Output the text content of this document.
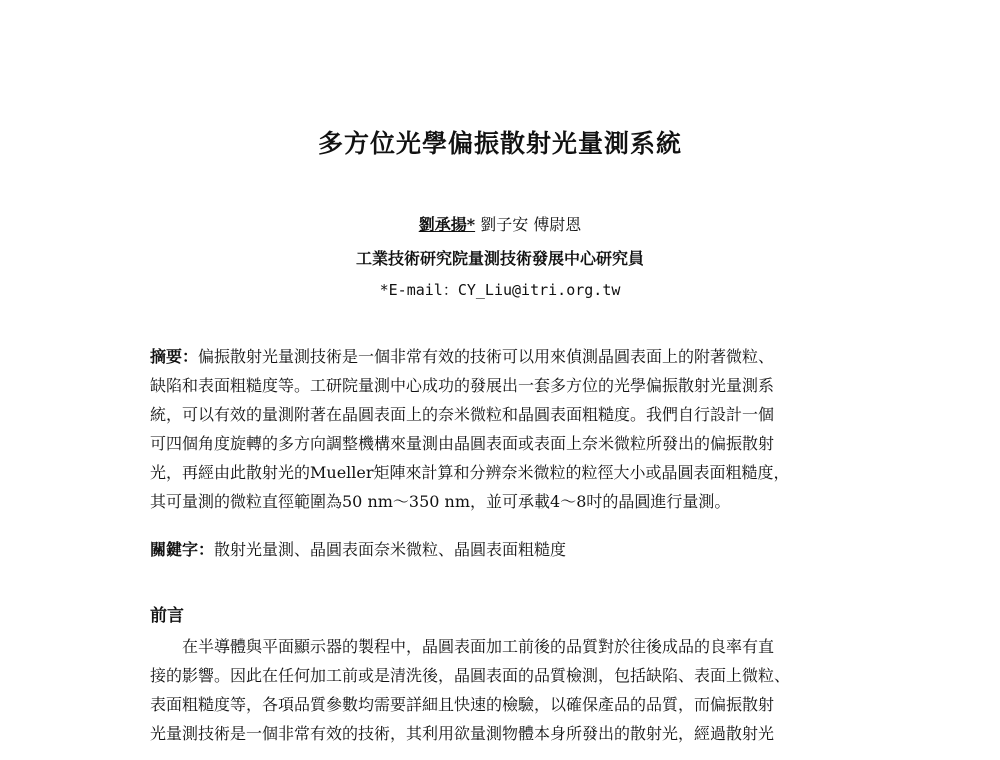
多方位光學偏振散射光量測系統
劉承揚* 劉子安 傅尉恩
工業技術研究院量測技術發展中心研究員
*E-mail：CY_Liu@itri.org.tw
摘要：偏振散射光量測技術是一個非常有效的技術可以用來偵測晶圓表面上的附著微粒、
缺陷和表面粗糙度等。工研院量測中心成功的發展出一套多方位的光學偏振散射光量測系
統，可以有效的量測附著在晶圓表面上的奈米微粒和晶圓表面粗糙度。我們自行設計一個
可四個角度旋轉的多方向調整機構來量測由晶圓表面或表面上奈米微粒所發出的偏振散射
光，再經由此散射光的Mueller矩陣來計算和分辨奈米微粒的粒徑大小或晶圓表面粗糙度，
其可量測的微粒直徑範圍為50 nm～350 nm，並可承載4～8吋的晶圓進行量測。
關鍵字：散射光量測、晶圓表面奈米微粒、晶圓表面粗糙度
前言
在半導體與平面顯示器的製程中，晶圓表面加工前後的品質對於往後成品的良率有直
接的影響。因此在任何加工前或是清洗後，晶圓表面的品質檢測，包括缺陷、表面上微粒、
表面粗糙度等，各項品質參數均需要詳細且快速的檢驗，以確保產品的品質，而偏振散射
光量測技術是一個非常有效的技術，其利用欲量測物體本身所發出的散射光，經過散射光
